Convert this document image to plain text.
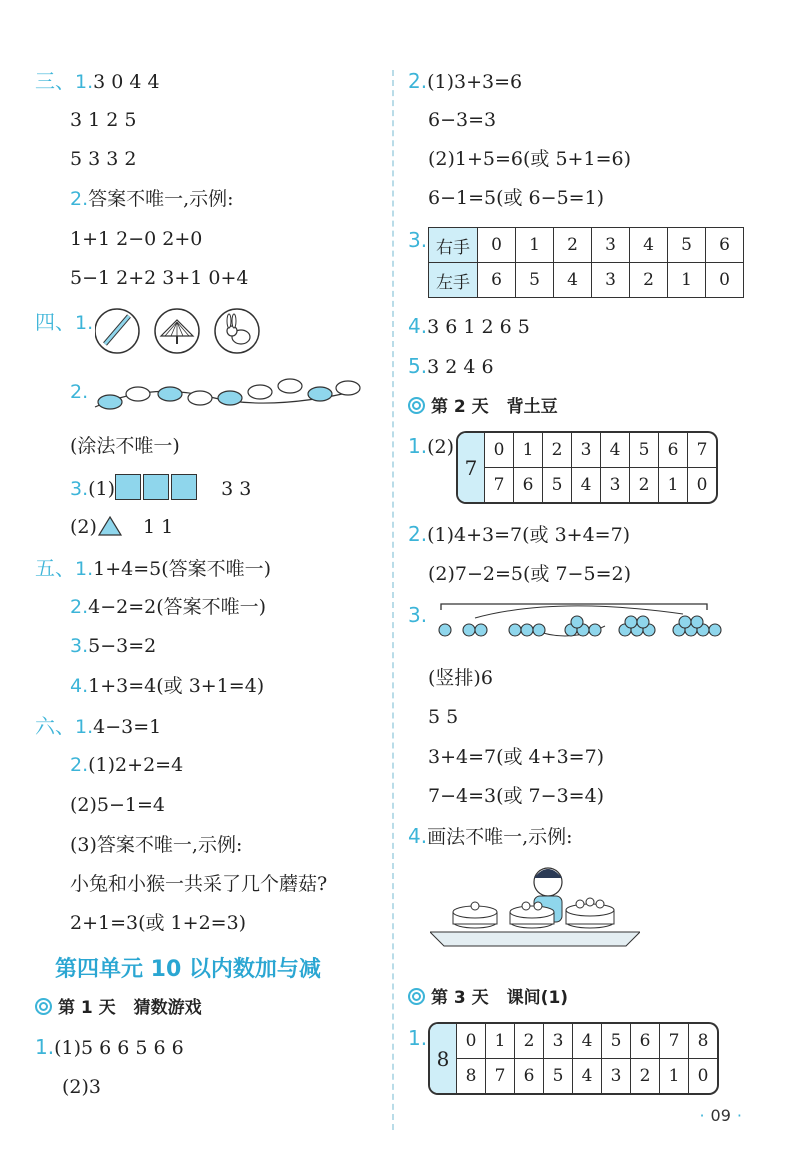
三、1.3 0 4 4
3 1 2 5
5 3 3 2
2.答案不唯一,示例:
1+1 2−0 2+0
5−1 2+2 3+1 0+4
四、1.
2.
(涂法不唯一)
3.(1)	3 3
(2) 1 1
五、1.1+4=5(答案不唯一)
2.4−2=2(答案不唯一)
3.5−3=2
4.1+3=4(或 3+1=4)
六、1.4−3=1
2.(1)2+2=4
(2)5−1=4
(3)答案不唯一,示例:
小兔和小猴一共采了几个蘑菇?
2+1=3(或 1+2=3)
第四单元 10 以内数加与减
第 1 天 猜数游戏
1.(1)5 6 6 5 6 6
(2)3
2.(1)3+3=6
6−3=3
(2)1+5=6(或 5+1=6)
6−1=5(或 6−5=1)
3. 右手	0	1	2	3	4	5	6
左手	6	5	4	3	2	1	0
4.3 6 1 2 6 5
5.3 2 4 6
第 2 天 背土豆
1.(2)
7	0	1	2	3	4	5	6	7
	7	6	5	4	3	2	1	0
2.(1)4+3=7(或 3+4=7)
(2)7−2=5(或 7−5=2)
3.
(竖排)6
5 5
3+4=7(或 4+3=7)
7−4=3(或 7−3=4)
4.画法不唯一,示例:
第 3 天 课间(1)
1.
8	0	1	2	3	4	5	6	7	8
	8	7	6	5	4	3	2	1	0
· 09 ·
